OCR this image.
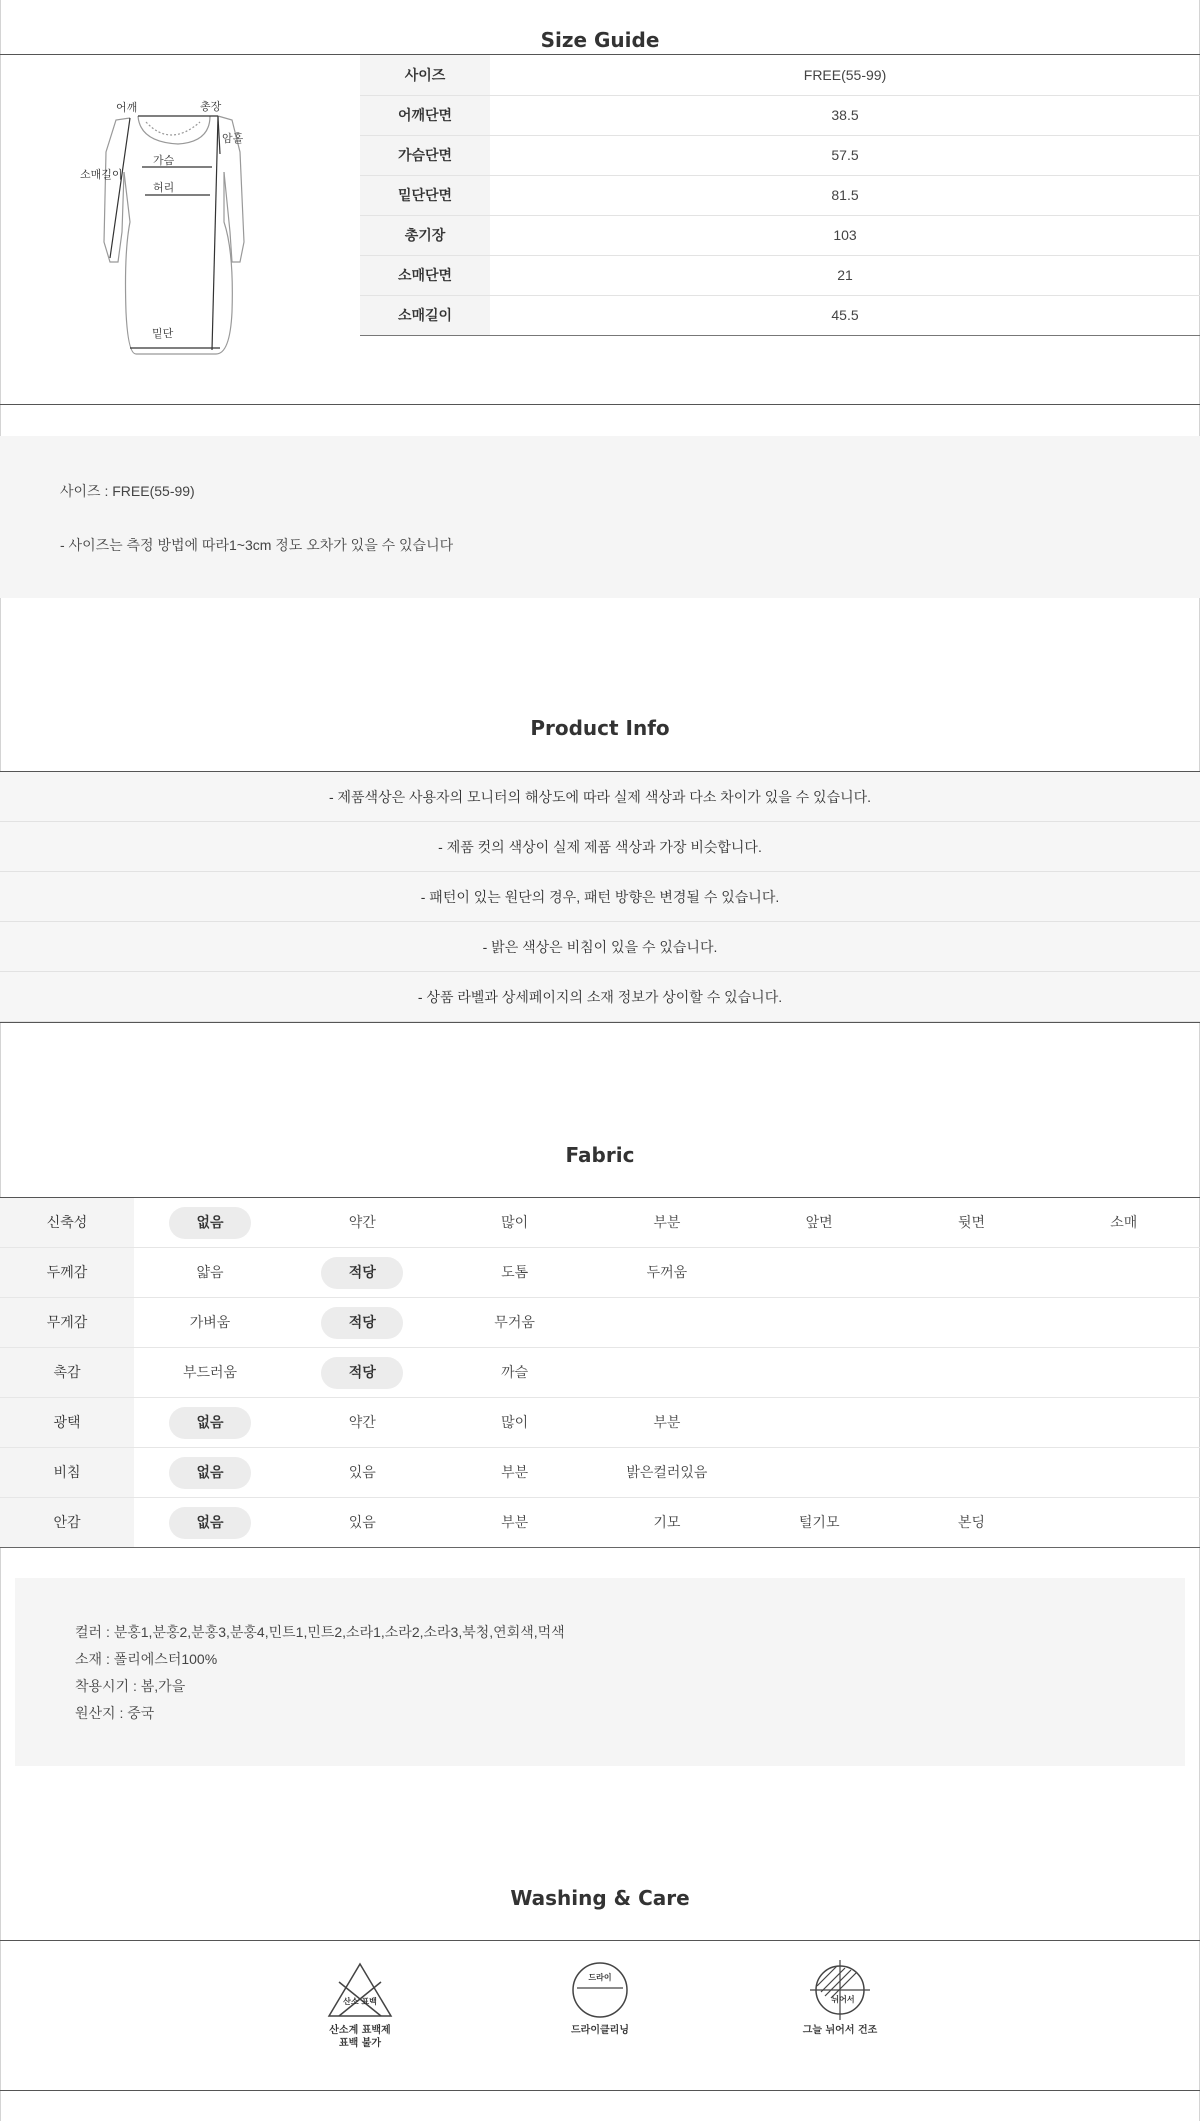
Size Guide
어깨	총장
암홀
소매길이
가슴
허리
밑단
사이즈	FREE(55-99)
어깨단면	38.5
가슴단면	57.5
밑단단면	81.5
총기장	103
소매단면	21
소매길이	45.5

사이즈 : FREE(55-99)

- 사이즈는 측정 방법에 따라1~3cm 정도 오차가 있을 수 있습니다

Product Info
- 제품색상은 사용자의 모니터의 해상도에 따라 실제 색상과 다소 차이가 있을 수 있습니다.
- 제품 컷의 색상이 실제 제품 색상과 가장 비슷합니다.
- 패턴이 있는 원단의 경우, 패턴 방향은 변경될 수 있습니다.
- 밝은 색상은 비침이 있을 수 있습니다.
- 상품 라벨과 상세페이지의 소재 정보가 상이할 수 있습니다.
Fabric
신축성	없음	약간	많이	부분	앞면	뒷면	소매
두께감	얇음	적당	도톰	두꺼움
무게감	가벼움	적당	무거움
촉감	부드러움	적당	까슬
광택	없음	약간	많이	부분
비침	없음	있음	부분	밝은컬러있음
안감	없음	있음	부분	기모	털기모	본딩

컬러 : 분홍1,분홍2,분홍3,분홍4,민트1,민트2,소라1,소라2,소라3,북청,연회색,먹색

소재 : 폴리에스터100%

착용시기 : 봄,가을

원산지 : 중국

Washing & Care
산소 표백
산소계 표백제
표백 불가
드라이
드라이클리닝
뉘어서
그늘 뉘어서 건조
